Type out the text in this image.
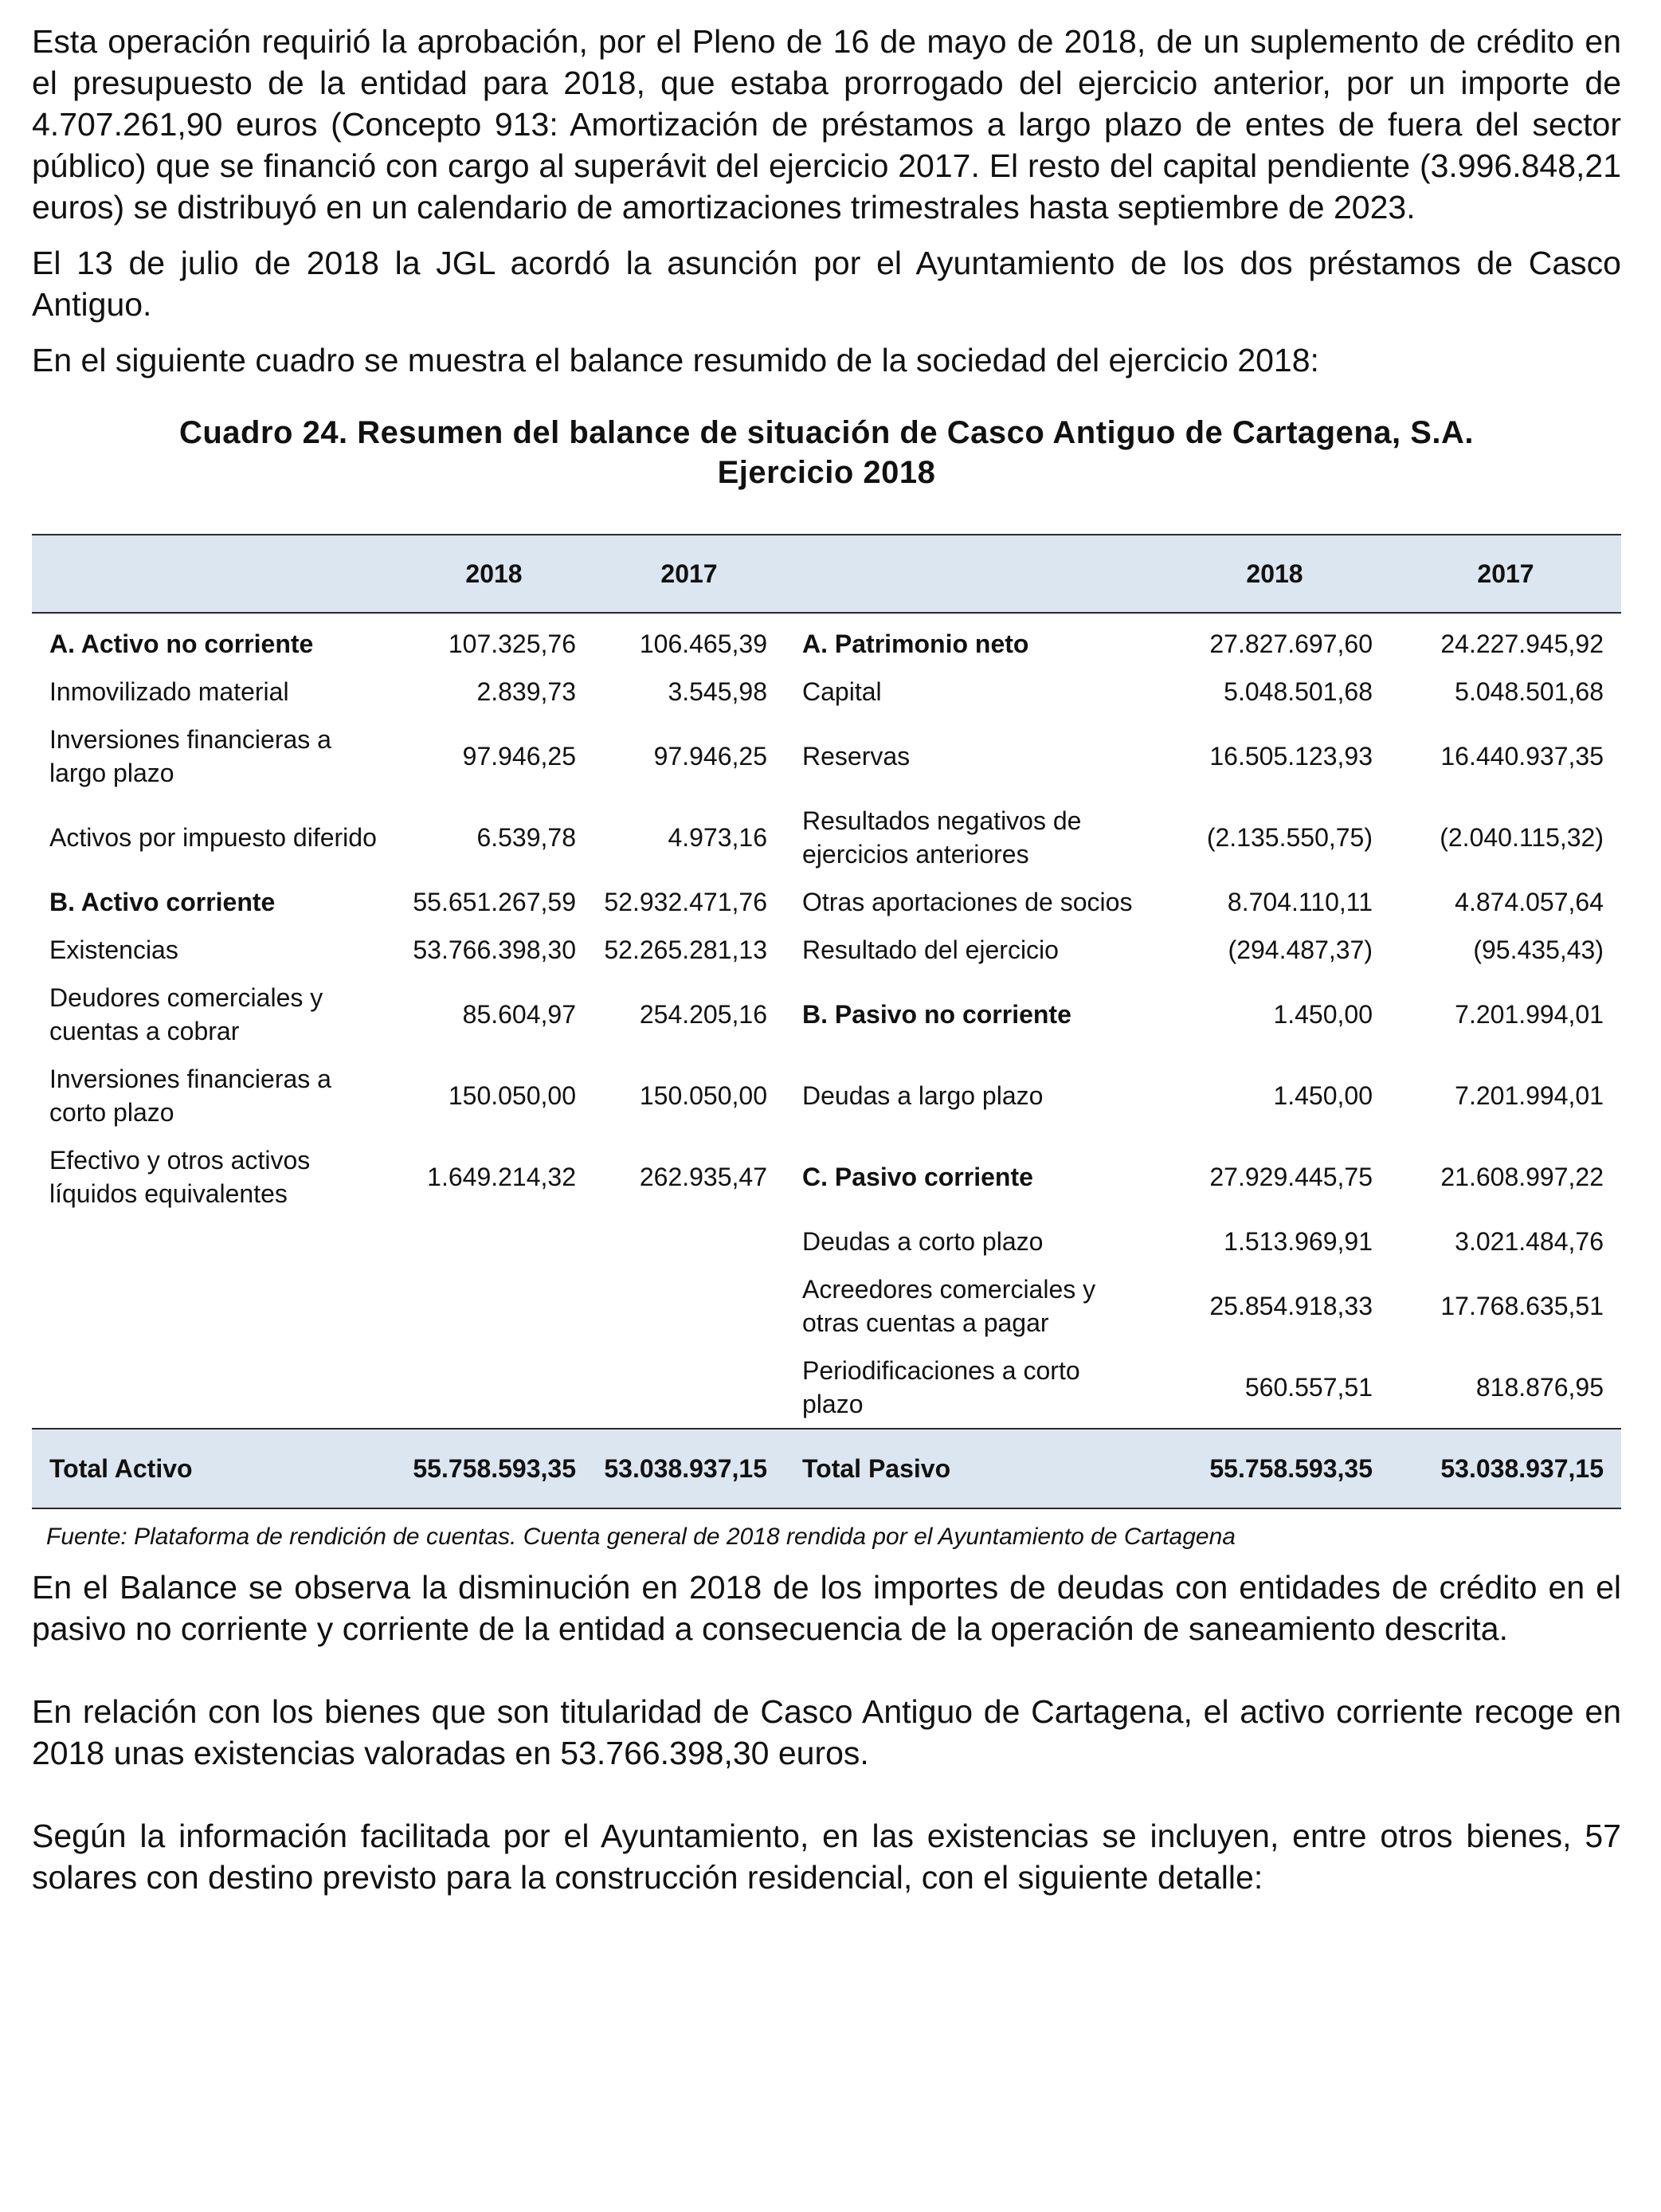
Esta operación requirió la aprobación, por el Pleno de 16 de mayo de 2018, de un suplemento de crédito en el presupuesto de la entidad para 2018, que estaba prorrogado del ejercicio anterior, por un importe de 4.707.261,90 euros (Concepto 913: Amortización de préstamos a largo plazo de entes de fuera del sector público) que se financió con cargo al superávit del ejercicio 2017. El resto del capital pendiente (3.996.848,21 euros) se distribuyó en un calendario de amortizaciones trimestrales hasta septiembre de 2023.

El 13 de julio de 2018 la JGL acordó la asunción por el Ayuntamiento de los dos préstamos de Casco Antiguo.

En el siguiente cuadro se muestra el balance resumido de la sociedad del ejercicio 2018:

Cuadro 24. Resumen del balance de situación de Casco Antiguo de Cartagena, S.A.
Ejercicio 2018
	2018	2017		2018	2017
A. Activo no corriente	107.325,76	106.465,39	A. Patrimonio neto	27.827.697,60	24.227.945,92
Inmovilizado material	2.839,73	3.545,98	Capital	5.048.501,68	5.048.501,68
Inversiones financieras a largo plazo	97.946,25	97.946,25	Reservas	16.505.123,93	16.440.937,35
Activos por impuesto diferido	6.539,78	4.973,16	Resultados negativos de ejercicios anteriores	(2.135.550,75)	(2.040.115,32)
B. Activo corriente	55.651.267,59	52.932.471,76	Otras aportaciones de socios	8.704.110,11	4.874.057,64
Existencias	53.766.398,30	52.265.281,13	Resultado del ejercicio	(294.487,37)	(95.435,43)
Deudores comerciales y cuentas a cobrar	85.604,97	254.205,16	B. Pasivo no corriente	1.450,00	7.201.994,01
Inversiones financieras a corto plazo	150.050,00	150.050,00	Deudas a largo plazo	1.450,00	7.201.994,01
Efectivo y otros activos líquidos equivalentes	1.649.214,32	262.935,47	C. Pasivo corriente	27.929.445,75	21.608.997,22
			Deudas a corto plazo	1.513.969,91	3.021.484,76
			Acreedores comerciales y otras cuentas a pagar	25.854.918,33	17.768.635,51
			Periodificaciones a corto plazo	560.557,51	818.876,95
Total Activo	55.758.593,35	53.038.937,15	Total Pasivo	55.758.593,35	53.038.937,15
Fuente: Plataforma de rendición de cuentas. Cuenta general de 2018 rendida por el Ayuntamiento de Cartagena

En el Balance se observa la disminución en 2018 de los importes de deudas con entidades de crédito en el pasivo no corriente y corriente de la entidad a consecuencia de la operación de saneamiento descrita.

En relación con los bienes que son titularidad de Casco Antiguo de Cartagena, el activo corriente recoge en 2018 unas existencias valoradas en 53.766.398,30 euros.

Según la información facilitada por el Ayuntamiento, en las existencias se incluyen, entre otros bienes, 57 solares con destino previsto para la construcción residencial, con el siguiente detalle:
